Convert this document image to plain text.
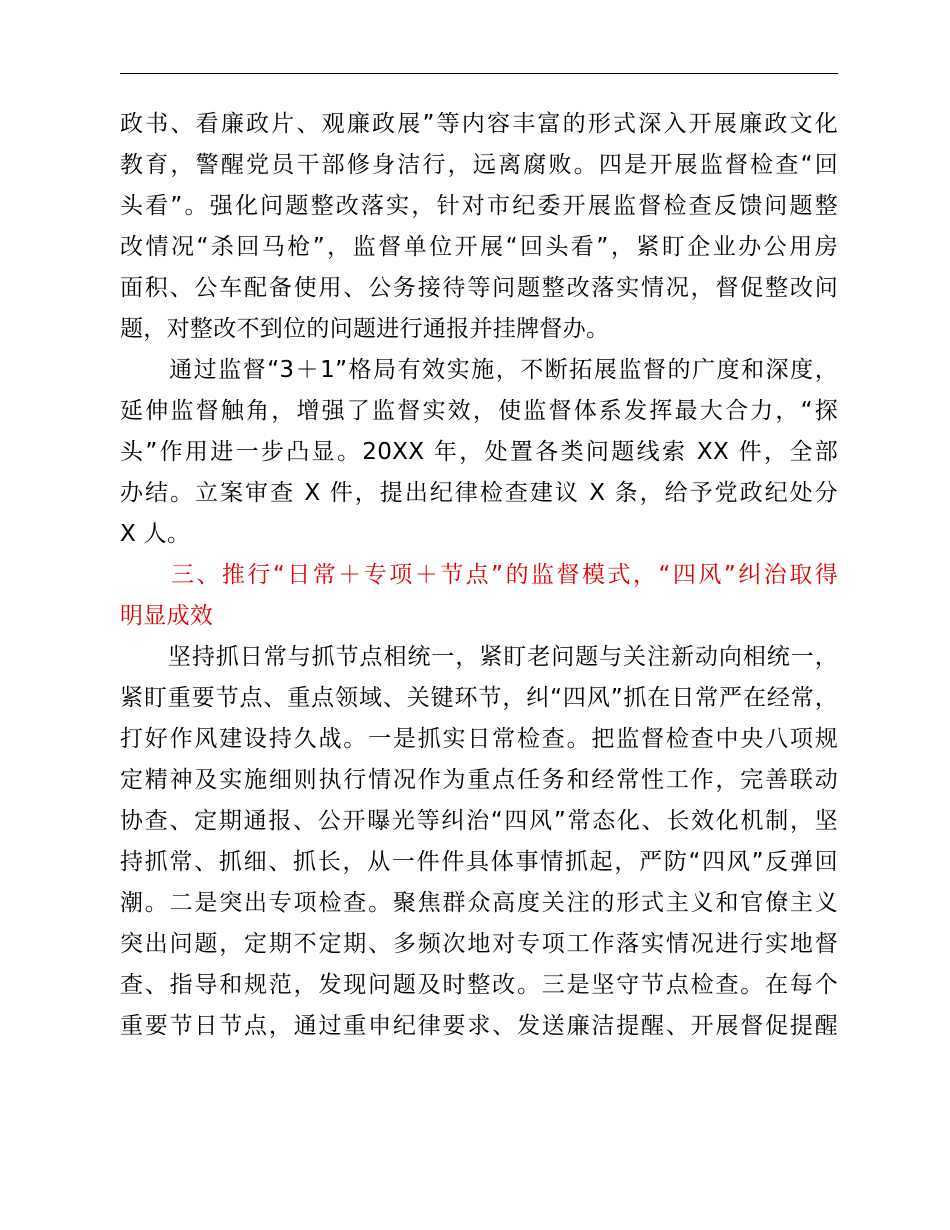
政书、看廉政片、观廉政展”等内容丰富的形式深入开展廉政文化
教育，警醒党员干部修身洁行，远离腐败。四是开展监督检查“回
头看”。强化问题整改落实，针对市纪委开展监督检查反馈问题整
改情况“杀回马枪”，监督单位开展“回头看”，紧盯企业办公用房
面积、公车配备使用、公务接待等问题整改落实情况，督促整改问
题，对整改不到位的问题进行通报并挂牌督办。

　　通过监督“3＋1”格局有效实施，不断拓展监督的广度和深度，
延伸监督触角，增强了监督实效，使监督体系发挥最大合力，“探
头”作用进一步凸显。20XX 年，处置各类问题线索 XX 件，全部
办结。立案审查 X 件，提出纪律检查建议 X 条，给予党政纪处分
X 人。

　　三、推行“日常＋专项＋节点”的监督模式，“四风”纠治取得
明显成效

　　坚持抓日常与抓节点相统一，紧盯老问题与关注新动向相统一，
紧盯重要节点、重点领域、关键环节，纠“四风”抓在日常严在经常，
打好作风建设持久战。一是抓实日常检查。把监督检查中央八项规
定精神及实施细则执行情况作为重点任务和经常性工作，完善联动
协查、定期通报、公开曝光等纠治“四风”常态化、长效化机制，坚
持抓常、抓细、抓长，从一件件具体事情抓起，严防“四风”反弹回
潮。二是突出专项检查。聚焦群众高度关注的形式主义和官僚主义
突出问题，定期不定期、多频次地对专项工作落实情况进行实地督
查、指导和规范，发现问题及时整改。三是坚守节点检查。在每个
重要节日节点，通过重申纪律要求、发送廉洁提醒、开展督促提醒
